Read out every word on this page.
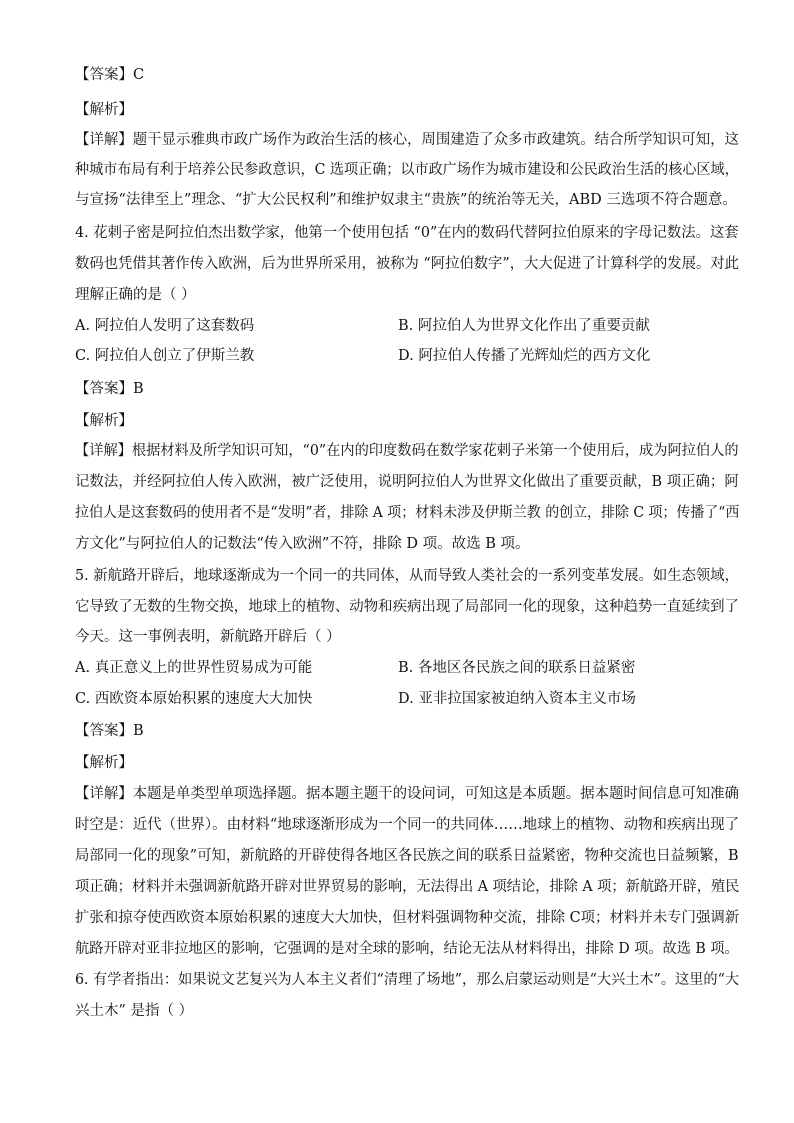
【答案】C
【解析】
【详解】题干显示雅典市政广场作为政治生活的核心，周围建造了众多市政建筑。结合所学知识可知，这
种城市布局有利于培养公民参政意识，C 选项正确；以市政广场作为城市建设和公民政治生活的核心区域，
与宣扬“法律至上”理念、“扩大公民权利”和维护奴隶主“贵族”的统治等无关，ABD 三选项不符合题意。
4. 花剌子密是阿拉伯杰出数学家，他第一个使用包括 “0”在内的数码代替阿拉伯原来的字母记数法。这套
数码也凭借其著作传入欧洲，后为世界所采用，被称为 “阿拉伯数字”，大大促进了计算科学的发展。对此
理解正确的是（ ）
A. 阿拉伯人发明了这套数码	B. 阿拉伯人为世界文化作出了重要贡献
C. 阿拉伯人创立了伊斯兰教	D. 阿拉伯人传播了光辉灿烂的西方文化
【答案】B
【解析】
【详解】根据材料及所学知识可知，“0”在内的印度数码在数学家花剌子米第一个使用后，成为阿拉伯人的
记数法，并经阿拉伯人传入欧洲，被广泛使用，说明阿拉伯人为世界文化做出了重要贡献，B 项正确；阿
拉伯人是这套数码的使用者不是“发明”者，排除 A 项；材料未涉及伊斯兰教 的创立，排除 C 项；传播了“西
方文化”与阿拉伯人的记数法“传入欧洲”不符，排除 D 项。故选 B 项。
5. 新航路开辟后，地球逐渐成为一个同一的共同体，从而导致人类社会的一系列变革发展。如生态领域，
它导致了无数的生物交换，地球上的植物、动物和疾病出现了局部同一化的现象，这种趋势一直延续到了
今天。这一事例表明，新航路开辟后（ ）
A. 真正意义上的世界性贸易成为可能	B. 各地区各民族之间的联系日益紧密
C. 西欧资本原始积累的速度大大加快	D. 亚非拉国家被迫纳入资本主义市场
【答案】B
【解析】
【详解】本题是单类型单项选择题。据本题主题干的设问词，可知这是本质题。据本题时间信息可知准确
时空是：近代（世界）。由材料“地球逐渐形成为一个同一的共同体……地球上的植物、动物和疾病出现了
局部同一化的现象”可知，新航路的开辟使得各地区各民族之间的联系日益紧密，物种交流也日益频繁，B
项正确；材料并未强调新航路开辟对世界贸易的影响，无法得出 A 项结论，排除 A 项；新航路开辟，殖民
扩张和掠夺使西欧资本原始积累的速度大大加快，但材料强调物种交流，排除 C项；材料并未专门强调新
航路开辟对亚非拉地区的影响，它强调的是对全球的影响，结论无法从材料得出，排除 D 项。故选 B 项。
6. 有学者指出：如果说文艺复兴为人本主义者们“清理了场地”，那么启蒙运动则是“大兴土木”。这里的“大
兴土木” 是指（ ）
